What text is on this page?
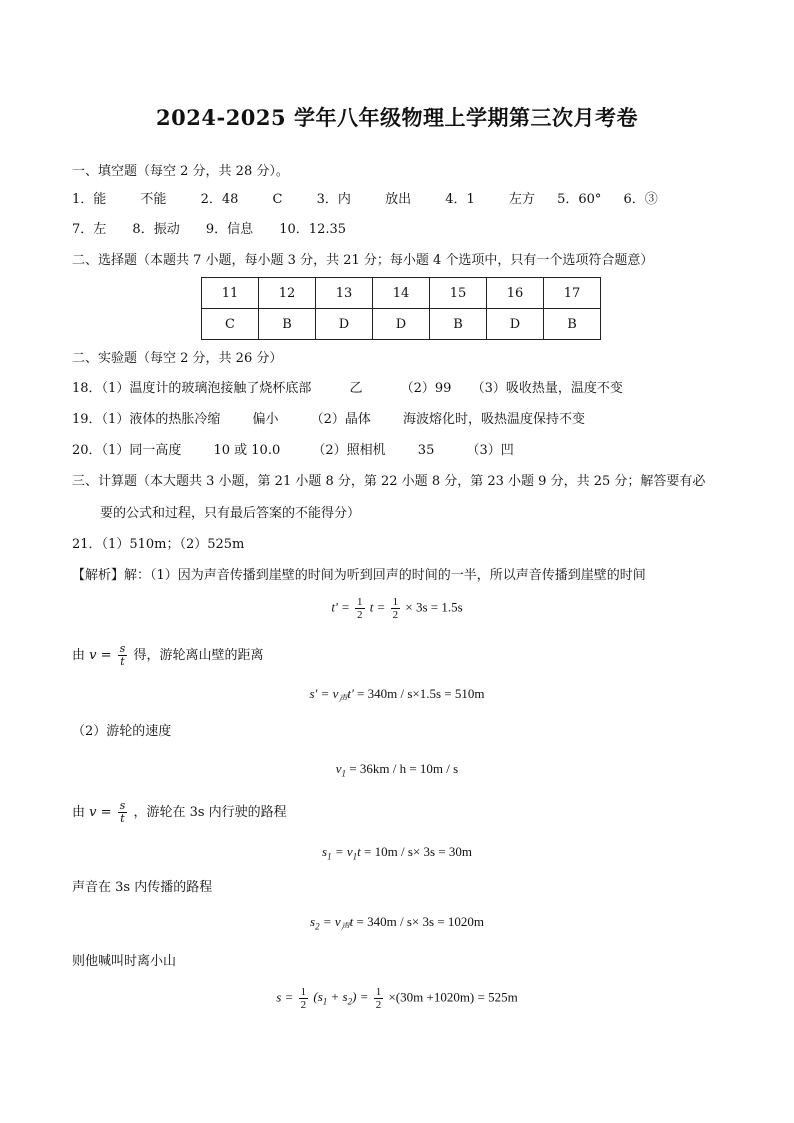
2024-2025 学年八年级物理上学期第三次月考卷
一、填空题（每空 2 分，共 28 分）。
1．能	不能	2．48	C	3．内	放出	4．1	左方 5．60° 6．③
7．左 8．振动 9．信息 10．12.35
二、选择题（本题共 7 小题，每小题 3 分，共 21 分；每小题 4 个选项中，只有一个选项符合题意）
11	12	13	14	15	16	17
C	B	D	D	B	D	B
二、实验题（每空 2 分，共 26 分）
18．（1）温度计的玻璃泡接触了烧杯底部	乙	（2）99 （3）吸收热量，温度不变
19．（1）液体的热胀冷缩 偏小 （2）晶体 海波熔化时，吸热温度保持不变
20．（1）同一高度 10 或 10.0 （2）照相机 35 （3）凹
三、计算题（本大题共 3 小题，第 21 小题 8 分，第 22 小题 8 分，第 23 小题 9 分，共 25 分；解答要有必
要的公式和过程，只有最后答案的不能得分）
21．（1）510m；（2）525m
【解析】解：（1）因为声音传播到崖壁的时间为听到回声的时间的一半，所以声音传播到崖壁的时间
$t' = \frac{1}{2}$ $t = \frac{1}{2} \times 3s = 1.5s$
由 $v = \frac{s}{t}$ 得，游轮离山壁的距离
$s' = v_声t' = 340m / s\times 1.5s = 510m$
（2）游轮的速度
$v_1 = 36km / h = 10m / s$
由 $v = \frac{s}{t}$ ，游轮在 3s 内行驶的路程
$s_1 = v_1t = 10m / s\times 3s = 30m$
声音在 3s 内传播的路程
$s_2 = v_声t = 340m / s\times 3s = 1020m$
则他喊叫时离小山
$s = \frac{1}{2} (s_1 + s_2) = \frac{1}{2} \times(30m +1020m) = 525m$
